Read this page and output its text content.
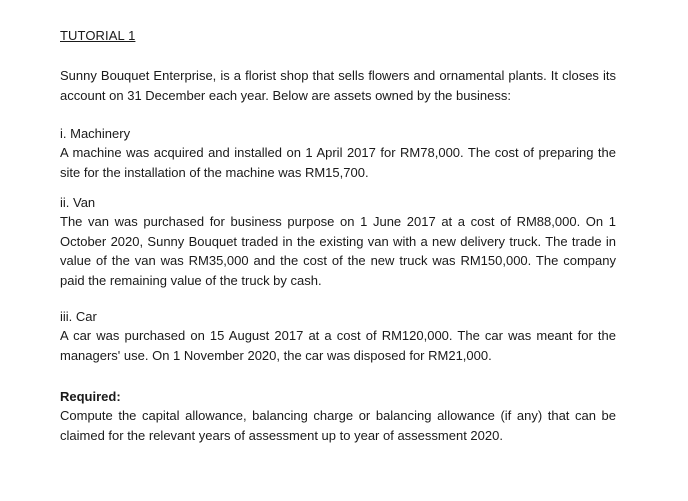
TUTORIAL 1

Sunny Bouquet Enterprise, is a florist shop that sells flowers and ornamental plants. It closes its account on 31 December each year. Below are assets owned by the business:

i. Machinery

A machine was acquired and installed on 1 April 2017 for RM78,000. The cost of preparing the site for the installation of the machine was RM15,700.

ii. Van

The van was purchased for business purpose on 1 June 2017 at a cost of RM88,000. On 1 October 2020, Sunny Bouquet traded in the existing van with a new delivery truck. The trade in value of the van was RM35,000 and the cost of the new truck was RM150,000. The company paid the remaining value of the truck by cash.

iii. Car

A car was purchased on 15 August 2017 at a cost of RM120,000. The car was meant for the managers' use. On 1 November 2020, the car was disposed for RM21,000.

Required:

Compute the capital allowance, balancing charge or balancing allowance (if any) that can be claimed for the relevant years of assessment up to year of assessment 2020.
